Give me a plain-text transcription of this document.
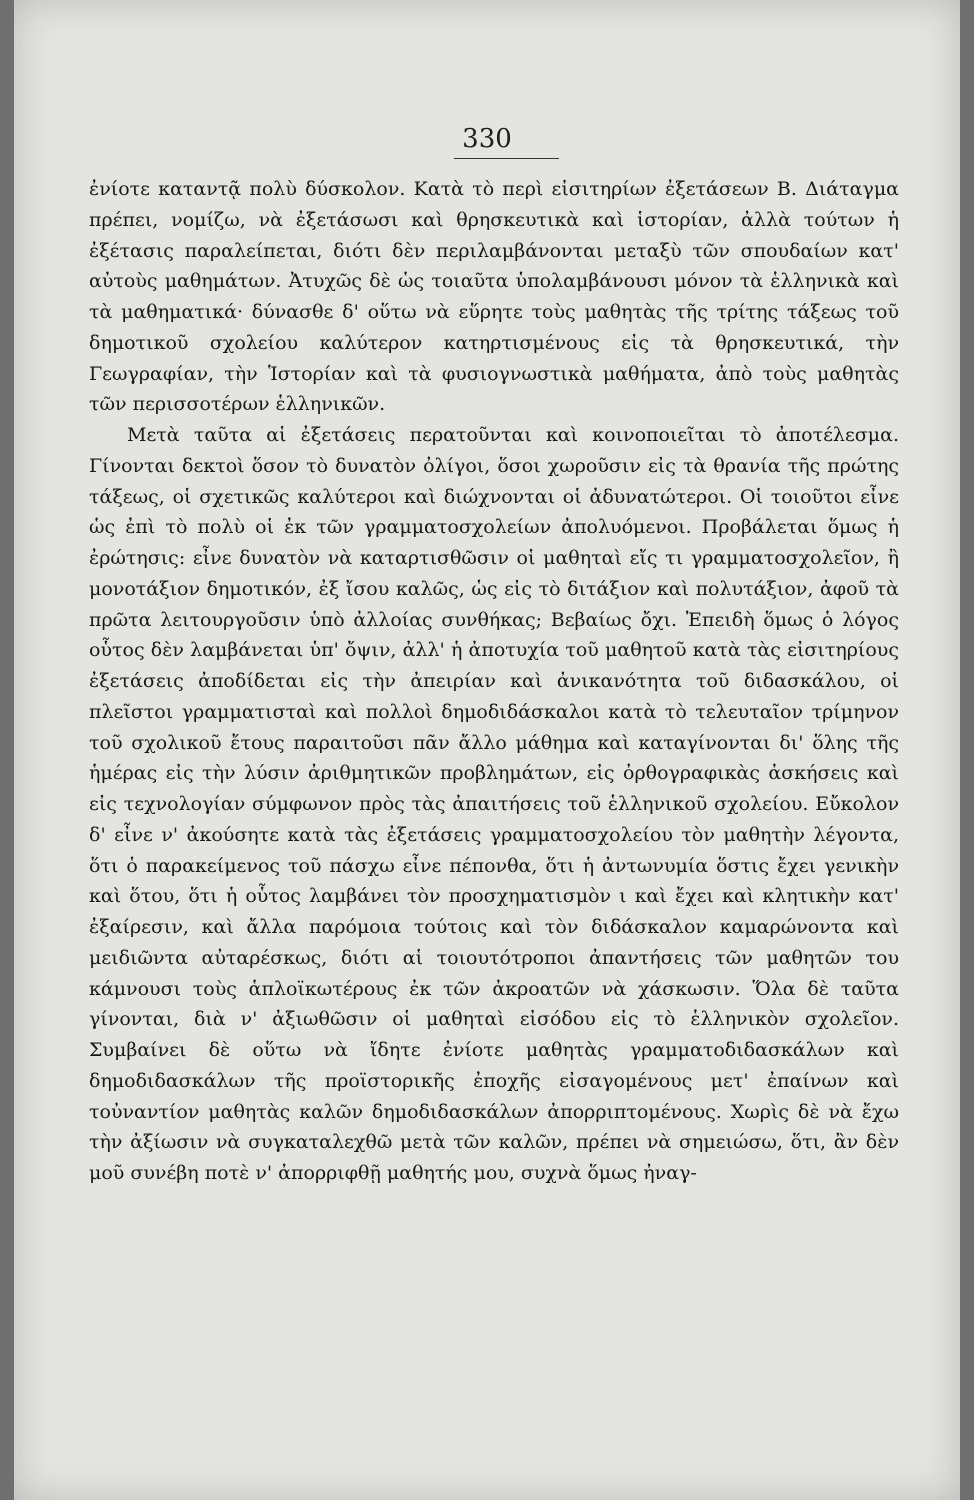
330

ἐνίοτε καταντᾷ πολὺ δύσκολον. Κατὰ τὸ περὶ εἰσιτηρίων ἐξετάσεων Β. Διάταγμα πρέπει, νομίζω, νὰ ἐξετάσωσι καὶ θρησκευτικὰ καὶ ἱστορίαν, ἀλλὰ τούτων ἡ ἐξέτασις παραλείπεται, διότι δὲν περιλαμβάνονται μεταξὺ τῶν σπουδαίων κατ' αὐτοὺς μαθημάτων. Ἀτυχῶς δὲ ὡς τοιαῦτα ὑπολαμβάνουσι μόνον τὰ ἑλληνικὰ καὶ τὰ μαθηματικά· δύνασθε δ' οὕτω νὰ εὕρητε τοὺς μαθητὰς τῆς τρίτης τάξεως τοῦ δημοτικοῦ σχολείου καλύτερον κατηρτισμένους εἰς τὰ θρησκευτικά, τὴν Γεωγραφίαν, τὴν Ἱστορίαν καὶ τὰ φυσιογνωστικὰ μαθήματα, ἀπὸ τοὺς μαθητὰς τῶν περισσοτέρων ἑλληνικῶν.

Μετὰ ταῦτα αἱ ἐξετάσεις περατοῦνται καὶ κοινοποιεῖται τὸ ἀποτέλεσμα. Γίνονται δεκτοὶ ὅσον τὸ δυνατὸν ὀλίγοι, ὅσοι χωροῦσιν εἰς τὰ θρανία τῆς πρώτης τάξεως, οἱ σχετικῶς καλύτεροι καὶ διώχνονται οἱ ἀδυνατώτεροι. Οἱ τοιοῦτοι εἶνε ὡς ἐπὶ τὸ πολὺ οἱ ἐκ τῶν γραμματοσχολείων ἀπολυόμενοι. Προβάλεται ὅμως ἡ ἐρώτησις: εἶνε δυνατὸν νὰ καταρτισθῶσιν οἱ μαθηταὶ εἴς τι γραμματοσχολεῖον, ἢ μονοτάξιον δημοτικόν, ἐξ ἴσου καλῶς, ὡς εἰς τὸ διτάξιον καὶ πολυτάξιον, ἀφοῦ τὰ πρῶτα λειτουργοῦσιν ὑπὸ ἀλλοίας συνθήκας; Βεβαίως ὄχι. Ἐπειδὴ ὅμως ὁ λόγος οὗτος δὲν λαμβάνεται ὑπ' ὄψιν, ἀλλ' ἡ ἀποτυχία τοῦ μαθητοῦ κατὰ τὰς εἰσιτηρίους ἐξετάσεις ἀποδίδεται εἰς τὴν ἀπειρίαν καὶ ἀνικανότητα τοῦ διδασκάλου, οἱ πλεῖστοι γραμματισταὶ καὶ πολλοὶ δημοδιδάσκαλοι κατὰ τὸ τελευταῖον τρίμηνον τοῦ σχολικοῦ ἔτους παραιτοῦσι πᾶν ἄλλο μάθημα καὶ καταγίνονται δι' ὅλης τῆς ἡμέρας εἰς τὴν λύσιν ἀριθμητικῶν προβλημάτων, εἰς ὀρθογραφικὰς ἀσκήσεις καὶ εἰς τεχνολογίαν σύμφωνον πρὸς τὰς ἀπαιτήσεις τοῦ ἑλληνικοῦ σχολείου. Εὔκολον δ' εἶνε ν' ἀκούσητε κατὰ τὰς ἐξετάσεις γραμματοσχολείου τὸν μαθητὴν λέγοντα, ὅτι ὁ παρακείμενος τοῦ πάσχω εἶνε πέπονθα, ὅτι ἡ ἀντωνυμία ὅστις ἔχει γενικὴν καὶ ὅτου, ὅτι ἡ οὗτος λαμβάνει τὸν προσχηματισμὸν ι καὶ ἔχει καὶ κλητικὴν κατ' ἐξαίρεσιν, καὶ ἄλλα παρόμοια τούτοις καὶ τὸν διδάσκαλον καμαρώνοντα καὶ μειδιῶντα αὐταρέσκως, διότι αἱ τοιουτότροποι ἀπαντήσεις τῶν μαθητῶν του κάμνουσι τοὺς ἁπλοϊκωτέρους ἐκ τῶν ἀκροατῶν νὰ χάσκωσιν. Ὅλα δὲ ταῦτα γίνονται, διὰ ν' ἀξιωθῶσιν οἱ μαθηταὶ εἰσόδου εἰς τὸ ἑλληνικὸν σχολεῖον. Συμβαίνει δὲ οὕτω νὰ ἴδητε ἐνίοτε μαθητὰς γραμματοδιδασκάλων καὶ δημοδιδασκάλων τῆς προϊστορικῆς ἐποχῆς εἰσαγομένους μετ' ἐπαίνων καὶ τοὐναντίον μαθητὰς καλῶν δημοδιδασκάλων ἀπορριπτομένους. Χωρὶς δὲ νὰ ἔχω τὴν ἀξίωσιν νὰ συγκαταλεχθῶ μετὰ τῶν καλῶν, πρέπει νὰ σημειώσω, ὅτι, ἂν δὲν μοῦ συνέβη ποτὲ ν' ἀπορριφθῇ μαθητής μου, συχνὰ ὅμως ἠναγ-
